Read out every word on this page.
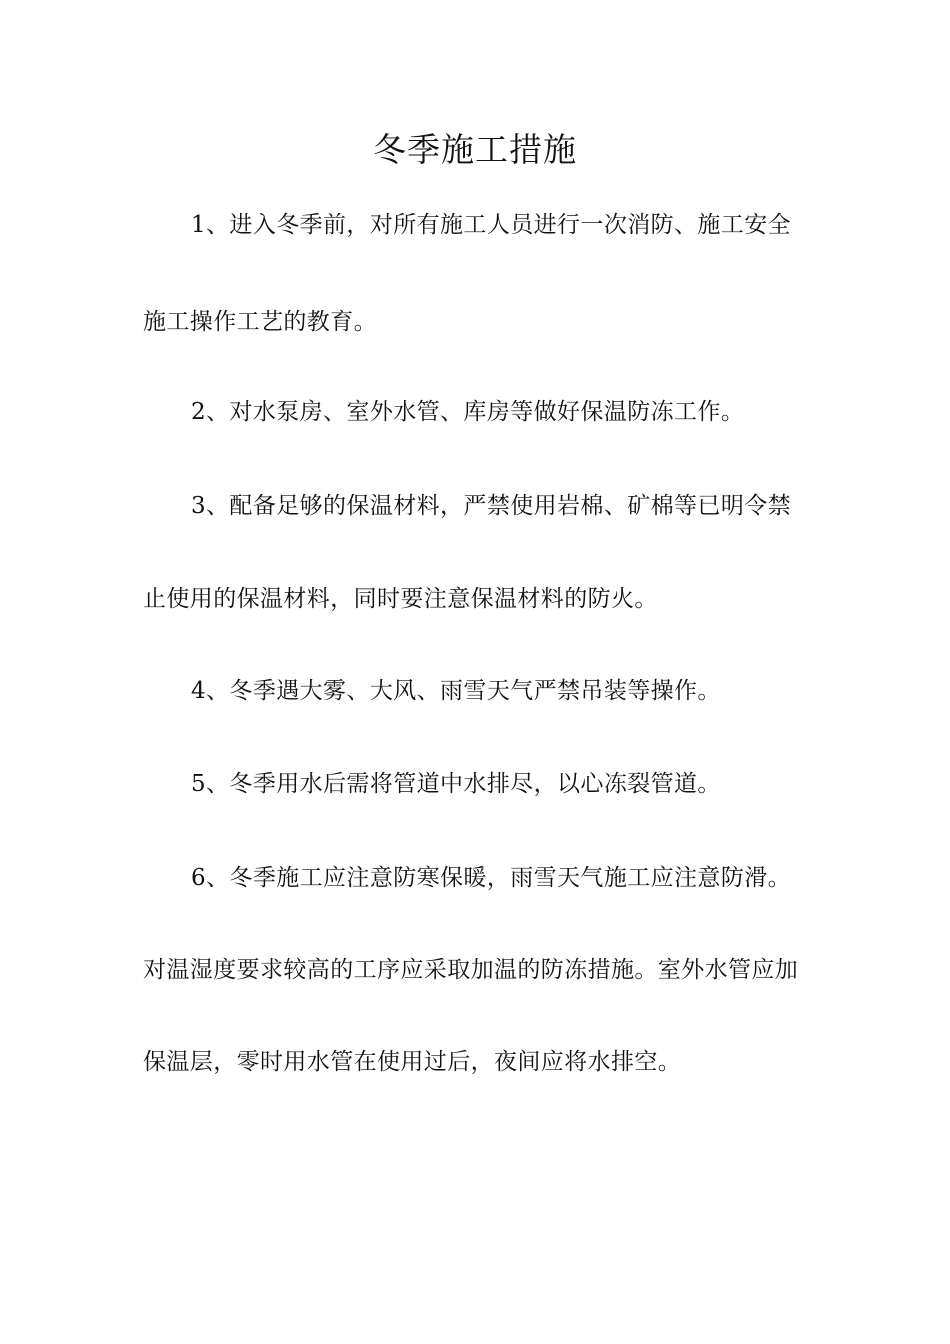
冬季施工措施
1、进入冬季前，对所有施工人员进行一次消防、施工安全
施工操作工艺的教育。
2、对水泵房、室外水管、库房等做好保温防冻工作。
3、配备足够的保温材料，严禁使用岩棉、矿棉等已明令禁
止使用的保温材料，同时要注意保温材料的防火。
4、冬季遇大雾、大风、雨雪天气严禁吊装等操作。
5、冬季用水后需将管道中水排尽，以心冻裂管道。
6、冬季施工应注意防寒保暖，雨雪天气施工应注意防滑。
对温湿度要求较高的工序应采取加温的防冻措施。室外水管应加
保温层，零时用水管在使用过后，夜间应将水排空。
